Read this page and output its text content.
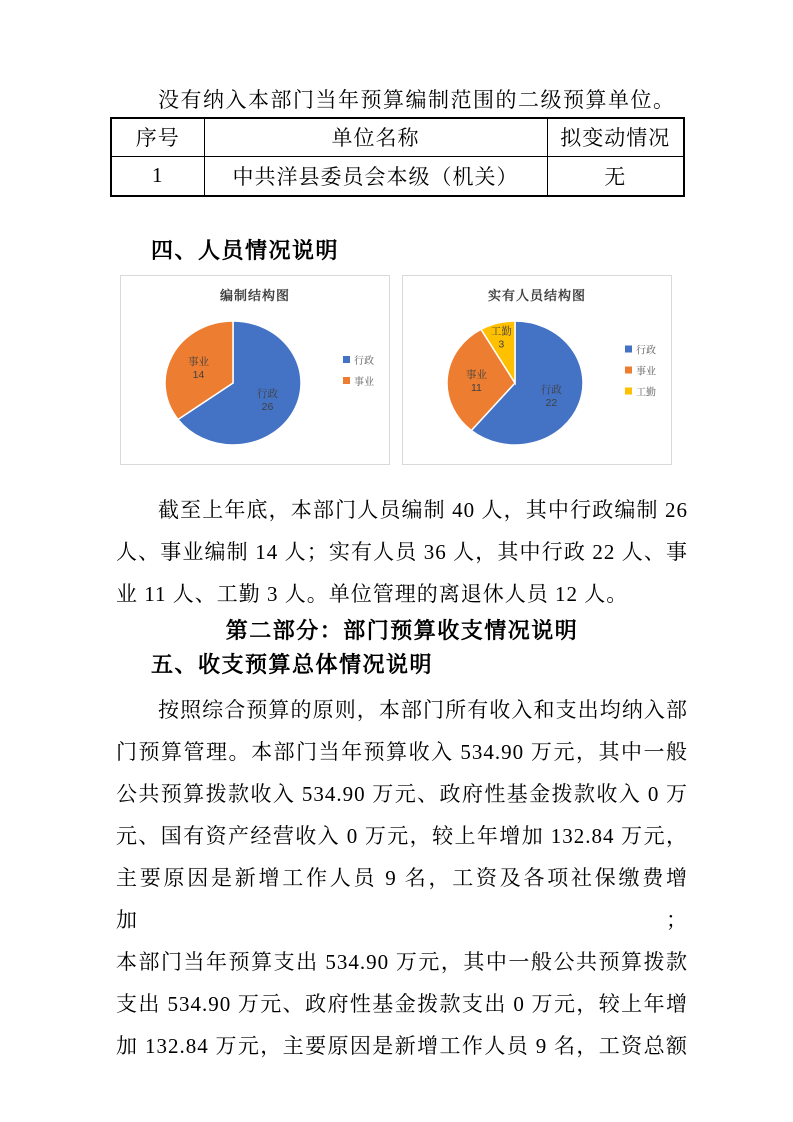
没有纳入本部门当年预算编制范围的二级预算单位。
序号	单位名称	拟变动情况
1	中共洋县委员会本级（机关）	无
四、人员情况说明
编制结构图
行政 26
事业 14
行政
事业
实有人员结构图
行政 22
事业 11
工勤 3
行政
事业
工勤
截至上年底，本部门人员编制 40 人，其中行政编制 26
人、事业编制 14 人；实有人员 36 人，其中行政 22 人、事
业 11 人、工勤 3 人。单位管理的离退休人员 12 人。
第二部分：部门预算收支情况说明
五、收支预算总体情况说明
按照综合预算的原则，本部门所有收入和支出均纳入部
门预算管理。本部门当年预算收入 534.90 万元，其中一般
公共预算拨款收入 534.90 万元、政府性基金拨款收入 0 万
元、国有资产经营收入 0 万元，较上年增加 132.84 万元，
主要原因是新增工作人员 9 名，工资及各项社保缴费增加；
本部门当年预算支出 534.90 万元，其中一般公共预算拨款
支出 534.90 万元、政府性基金拨款支出 0 万元，较上年增
加 132.84 万元，主要原因是新增工作人员 9 名，工资总额
